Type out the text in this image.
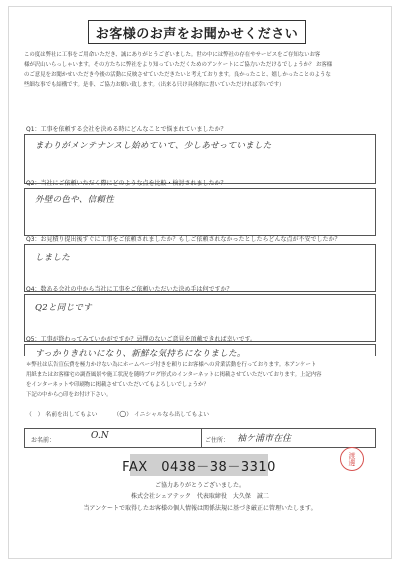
お客様のお声をお聞かせください

この度は弊社に工事をご用命いただき、誠にありがとうございました。世の中には弊社の存在やサービスをご存知ないお客

様が沢山いらっしゃいます。その方たちに弊社をより知っていただくためのアンケートにご協力いただけるでしょうか？ お客様

のご意見をお聞かせいただき今後の活動に反映させていただきたいと考えております。良かったこと、嬉しかったことのような

些細な事でも結構です。是非、ご協力お願い致します。（出来る只け具体的に書いていただければ幸いです）

Q1：工事を依頼する会社を決める時にどんなことで悩まれていましたか？
まわりがメンテナンスし始めていて、少しあせっていました
Q2：当社にご依頼いただく際にどのような点を比較・検討されましたか？
外壁の色や、信頼性
Q3：お見積り提出後すぐに工事をご依頼されましたか？もしご依頼されなかったとしたらどんな点が不安でしたか？
しました
Q4：数ある会社の中から当社に工事をご依頼いただいた決め手は何ですか？
Q2と同じです
Q5：工事が終わってみていかがですか？忌憚のないご意見を頂戴できれば幸いです。
すっかりきれいになり、新鮮な気持ちになりました。

＊弊社は広告宣伝費を極力かけない為にホームページ付きを頼りにお客様への営業活動を行っております。本アンケート

用紙またはお客様宅の調査風景や施工状況を随時ブログ形式のインターネットに掲載させていただいております。上記内容

をインターネットや印刷物に掲載させていただいてもよろしいでしょうか？

下記の中から○印をお付け下さい。

（　） 名前を出してもよい	（○） イニシャルなら出してもよい
お名前：	O.N	ご住所： 袖ケ浦市在住
FAX　0438－38－3310
渡邊
ご協力ありがとうございました。
株式会社シェアテック　代表取締役　大久保　誠二
当アンケートで取得したお客様の個人情報は関係法規に基づき厳正に管理いたします。
